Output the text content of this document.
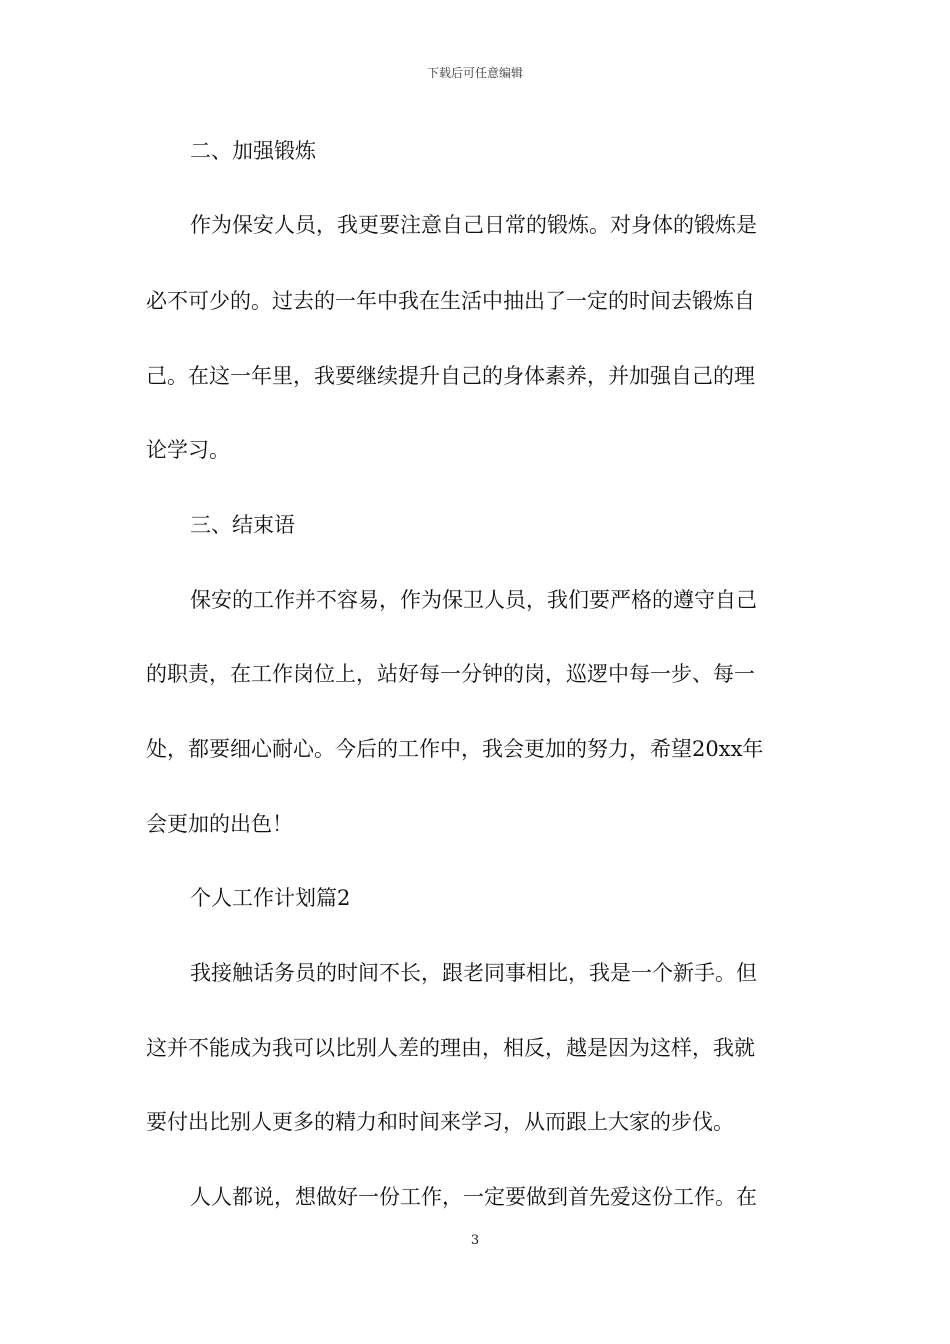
下载后可任意编辑
二、加强锻炼
作为保安人员，我更要注意自己日常的锻炼。对身体的锻炼是
必不可少的。过去的一年中我在生活中抽出了一定的时间去锻炼自
己。在这一年里，我要继续提升自己的身体素养，并加强自己的理
论学习。
三、结束语
保安的工作并不容易，作为保卫人员，我们要严格的遵守自己
的职责，在工作岗位上，站好每一分钟的岗，巡逻中每一步、每一
处，都要细心耐心。今后的工作中，我会更加的努力，希望20xx年
会更加的出色！
个人工作计划篇2
我接触话务员的时间不长，跟老同事相比，我是一个新手。但
这并不能成为我可以比别人差的理由，相反，越是因为这样，我就
要付出比别人更多的精力和时间来学习，从而跟上大家的步伐。
人人都说，想做好一份工作，一定要做到首先爱这份工作。在
3
